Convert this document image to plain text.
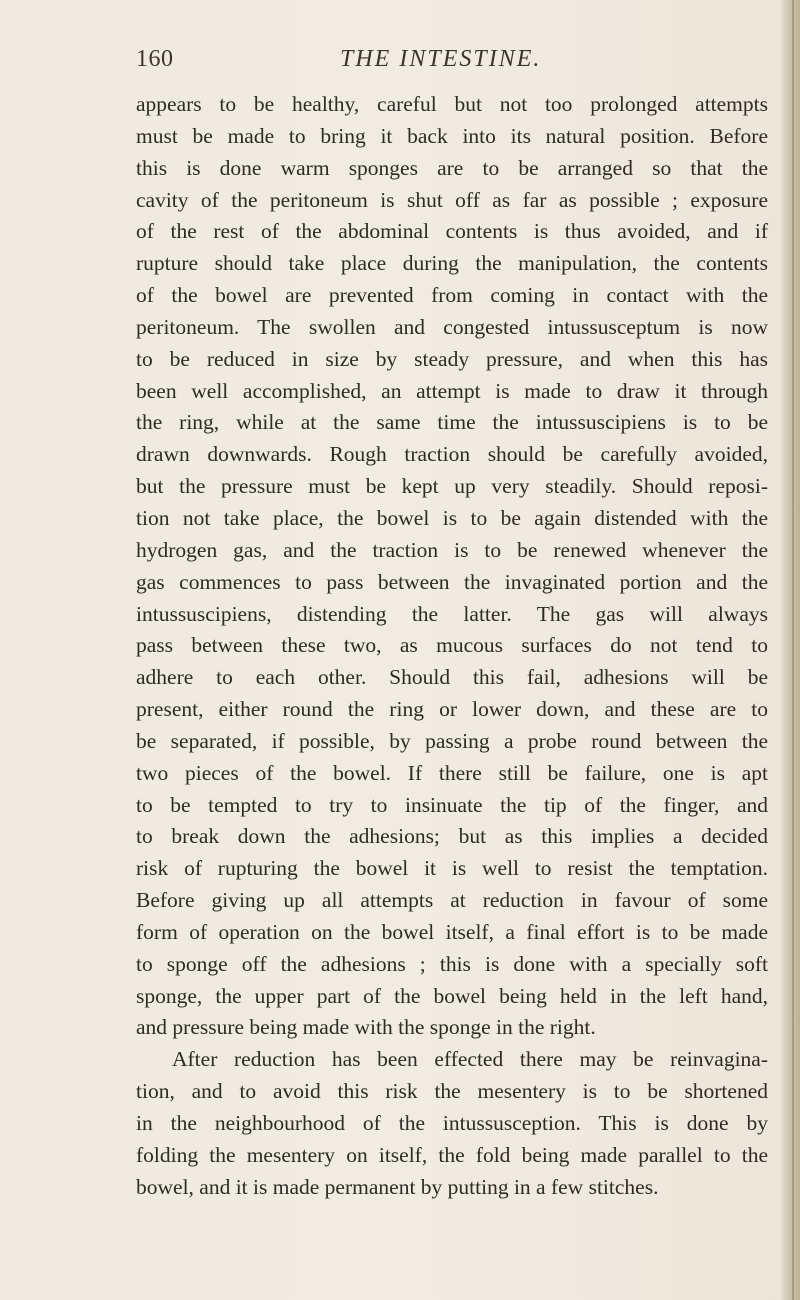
160	THE INTESTINE.
appears to be healthy, careful but not too prolonged attempts
must be made to bring it back into its natural position. Before
this is done warm sponges are to be arranged so that the
cavity of the peritoneum is shut off as far as possible ; exposure
of the rest of the abdominal contents is thus avoided, and if
rupture should take place during the manipulation, the contents
of the bowel are prevented from coming in contact with the
peritoneum. The swollen and congested intussusceptum is now
to be reduced in size by steady pressure, and when this has
been well accomplished, an attempt is made to draw it through
the ring, while at the same time the intussuscipiens is to be
drawn downwards. Rough traction should be carefully avoided,
but the pressure must be kept up very steadily. Should reposi-
tion not take place, the bowel is to be again distended with the
hydrogen gas, and the traction is to be renewed whenever the
gas commences to pass between the invaginated portion and the
intussuscipiens, distending the latter. The gas will always
pass between these two, as mucous surfaces do not tend to
adhere to each other. Should this fail, adhesions will be
present, either round the ring or lower down, and these are to
be separated, if possible, by passing a probe round between the
two pieces of the bowel. If there still be failure, one is apt
to be tempted to try to insinuate the tip of the finger, and
to break down the adhesions; but as this implies a decided
risk of rupturing the bowel it is well to resist the temptation.
Before giving up all attempts at reduction in favour of some
form of operation on the bowel itself, a final effort is to be made
to sponge off the adhesions ; this is done with a specially soft
sponge, the upper part of the bowel being held in the left hand,
and pressure being made with the sponge in the right.
After reduction has been effected there may be reinvagina-
tion, and to avoid this risk the mesentery is to be shortened
in the neighbourhood of the intussusception. This is done by
folding the mesentery on itself, the fold being made parallel to the
bowel, and it is made permanent by putting in a few stitches.
